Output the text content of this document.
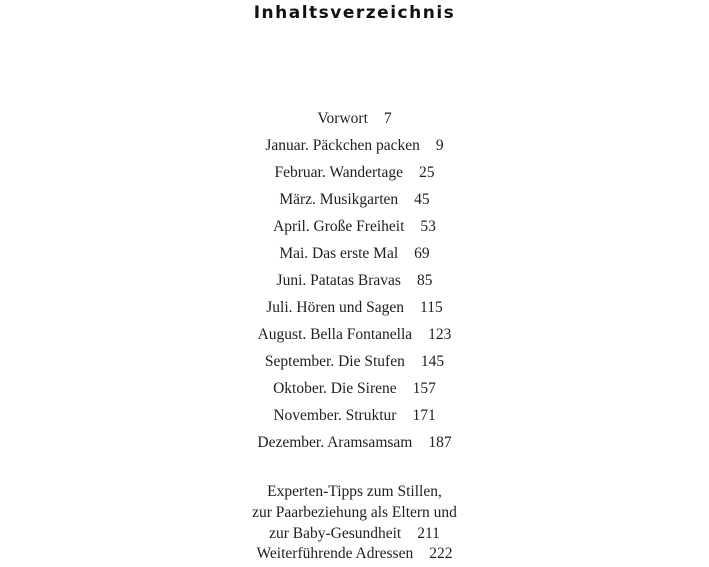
Inhaltsverzeichnis
Vorwort 7
Januar. Päckchen packen 9
Februar. Wandertage 25
März. Musikgarten 45
April. Große Freiheit 53
Mai. Das erste Mal 69
Juni. Patatas Bravas 85
Juli. Hören und Sagen 115
August. Bella Fontanella 123
September. Die Stufen 145
Oktober. Die Sirene 157
November. Struktur 171
Dezember. Aramsamsam 187
Experten-Tipps zum Stillen,
zur Paarbeziehung als Eltern und
zur Baby-Gesundheit 211
Weiterführende Adressen 222
